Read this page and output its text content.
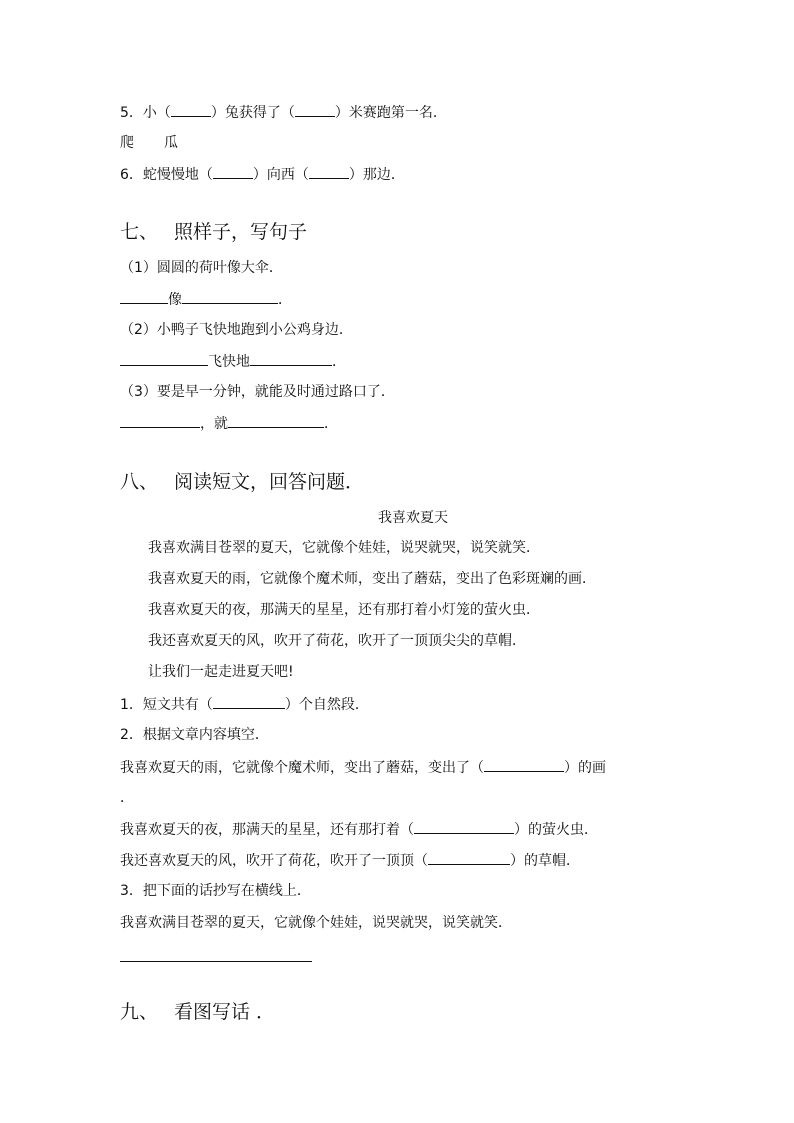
5．小（	）兔获得了（	）米赛跑第一名．
爬 瓜
6．蛇慢慢地（	）向西（	）那边．
七、 照样子，写句子
（1）圆圆的荷叶像大伞．
像	．
（2）小鸭子飞快地跑到小公鸡身边．
飞快地	．
（3）要是早一分钟，就能及时通过路口了．
，就	．
八、 阅读短文，回答问题．
我喜欢夏天
我喜欢满目苍翠的夏天，它就像个娃娃，说哭就哭，说笑就笑．
我喜欢夏天的雨，它就像个魔术师，变出了蘑菇，变出了色彩斑斓的画．
我喜欢夏天的夜，那满天的星星，还有那打着小灯笼的萤火虫．
我还喜欢夏天的风，吹开了荷花，吹开了一顶顶尖尖的草帽．
让我们一起走进夏天吧!
1．短文共有（	）个自然段．
2．根据文章内容填空．
我喜欢夏天的雨，它就像个魔术师，变出了蘑菇，变出了（	）的画
．
我喜欢夏天的夜，那满天的星星，还有那打着（	）的萤火虫．
我还喜欢夏天的风，吹开了荷花，吹开了一顶顶（	）的草帽．
3．把下面的话抄写在横线上．
我喜欢满目苍翠的夏天，它就像个娃娃，说哭就哭，说笑就笑．
九、 看图写话 ．
